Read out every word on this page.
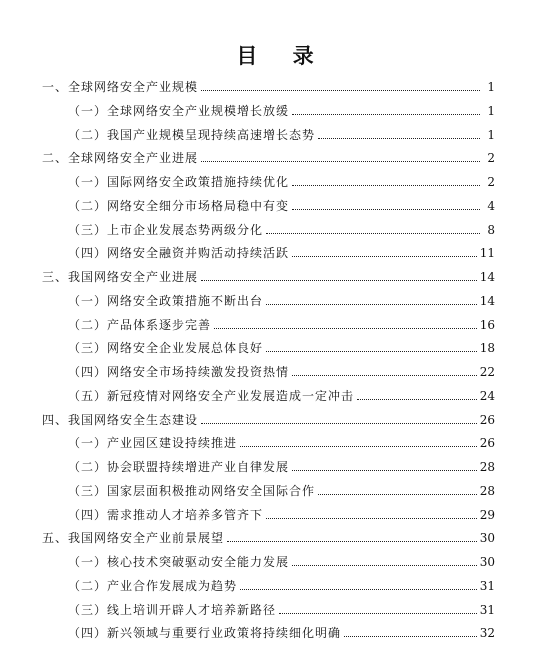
目 录
一、全球网络安全产业规模	1
（一）全球网络安全产业规模增长放缓	1
（二）我国产业规模呈现持续高速增长态势	1
二、全球网络安全产业进展	2
（一）国际网络安全政策措施持续优化	2
（二）网络安全细分市场格局稳中有变	4
（三）上市企业发展态势两级分化	8
（四）网络安全融资并购活动持续活跃	11
三、我国网络安全产业进展	14
（一）网络安全政策措施不断出台	14
（二）产品体系逐步完善	16
（三）网络安全企业发展总体良好	18
（四）网络安全市场持续激发投资热情	22
（五）新冠疫情对网络安全产业发展造成一定冲击	24
四、我国网络安全生态建设	26
（一）产业园区建设持续推进	26
（二）协会联盟持续增进产业自律发展	28
（三）国家层面积极推动网络安全国际合作	28
（四）需求推动人才培养多管齐下	29
五、我国网络安全产业前景展望	30
（一）核心技术突破驱动安全能力发展	30
（二）产业合作发展成为趋势	31
（三）线上培训开辟人才培养新路径	31
（四）新兴领域与重要行业政策将持续细化明确	32
